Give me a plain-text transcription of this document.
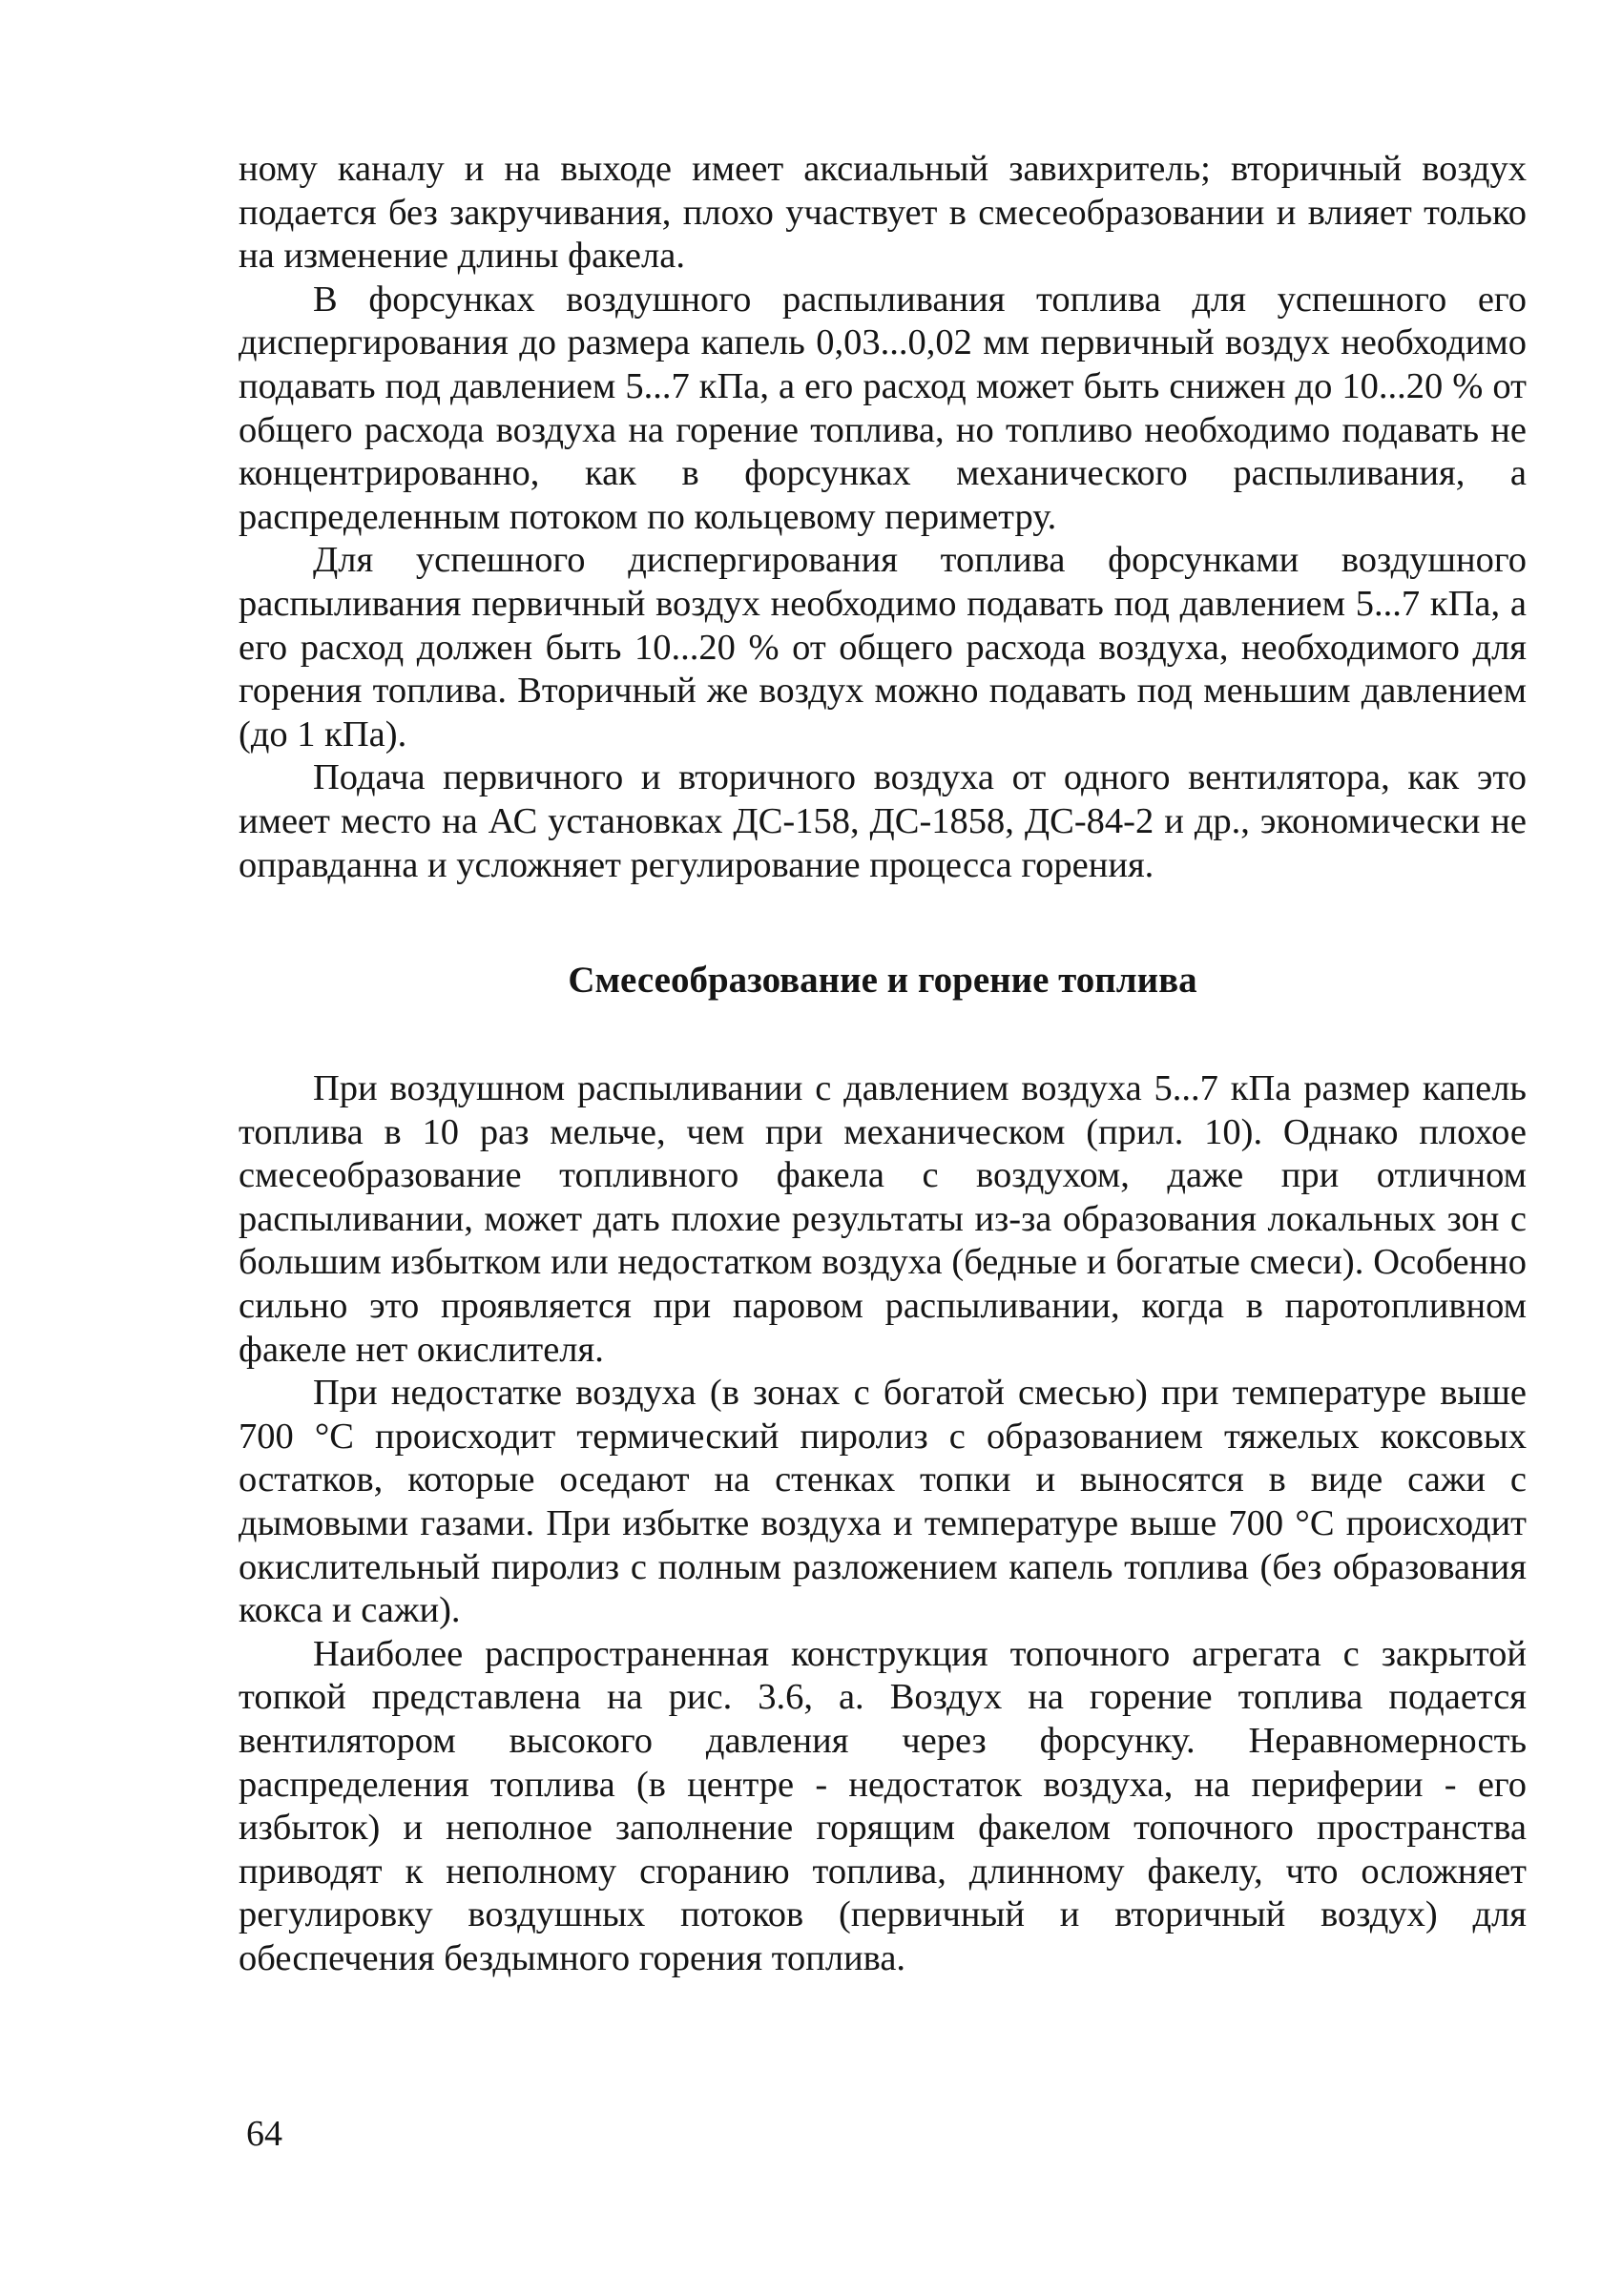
ному каналу и на выходе имеет аксиальный завихритель; вторичный воздух подается без закручивания, плохо участвует в смесеобразовании и влияет только на изменение длины факела.

В форсунках воздушного распыливания топлива для успешного его диспергирования до размера капель 0,03...0,02 мм первичный воздух необходимо подавать под давлением 5...7 кПа, а его расход может быть снижен до 10...20 % от общего расхода воздуха на горение топлива, но топливо необходимо подавать не концентрированно, как в форсунках механического распыливания, а распределенным потоком по кольцевому периметру.

Для успешного диспергирования топлива форсунками воздушного распыливания первичный воздух необходимо подавать под давлением 5...7 кПа, а его расход должен быть 10...20 % от общего расхода воздуха, необходимого для горения топлива. Вторичный же воздух можно подавать под меньшим давлением (до 1 кПа).

Подача первичного и вторичного воздуха от одного вентилятора, как это имеет место на АС установках ДС-158, ДС-1858, ДС-84-2 и др., экономически не оправданна и усложняет регулирование процесса горения.

Смесеобразование и горение топлива

При воздушном распыливании с давлением воздуха 5...7 кПа размер капель топлива в 10 раз мельче, чем при механическом (прил. 10). Однако плохое смесеобразование топливного факела с воздухом, даже при отличном распыливании, может дать плохие результаты из-за образования локальных зон с большим избытком или недостатком воздуха (бедные и богатые смеси). Особенно сильно это проявляется при паровом распыливании, когда в паротопливном факеле нет окислителя.

При недостатке воздуха (в зонах с богатой смесью) при температуре выше 700 °С происходит термический пиролиз с образованием тяжелых коксовых остатков, которые оседают на стенках топки и выносятся в виде сажи с дымовыми газами. При избытке воздуха и температуре выше 700 °С происходит окислительный пиролиз с полным разложением капель топлива (без образования кокса и сажи).

Наиболее распространенная конструкция топочного агрегата с закрытой топкой представлена на рис. 3.6, а. Воздух на горение топлива подается вентилятором высокого давления через форсунку. Неравномерность распределения топлива (в центре - недостаток воздуха, на периферии - его избыток) и неполное заполнение горящим факелом топочного пространства приводят к неполному сгоранию топлива, длинному факелу, что осложняет регулировку воздушных потоков (первичный и вторичный воздух) для обеспечения бездымного горения топлива.

64
